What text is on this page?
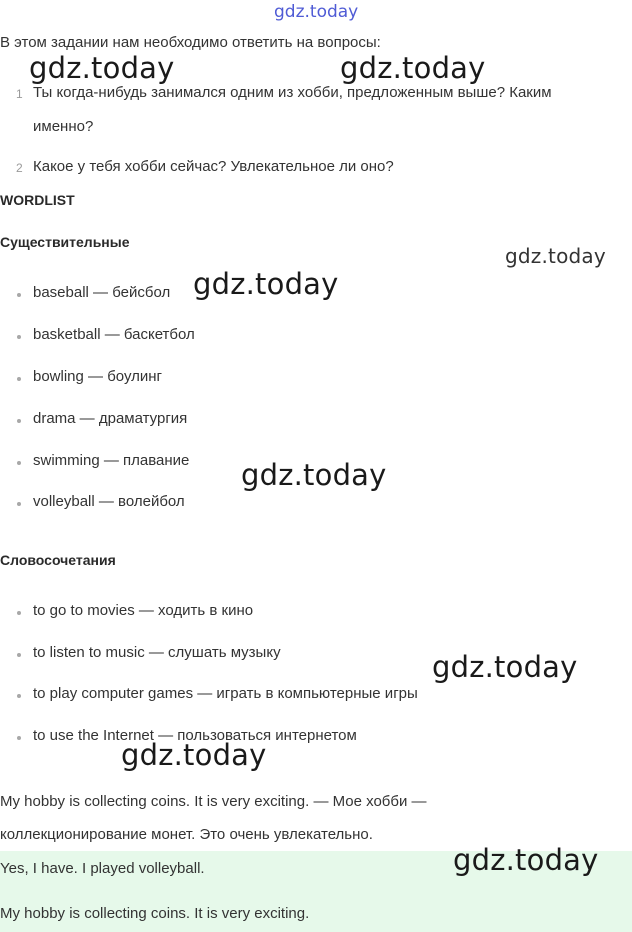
gdz.today
В этом задании нам необходимо ответить на вопросы:
1 Ты когда-нибудь занимался одним из хобби, предложенным выше? Каким
именно?
2 Какое у тебя хобби сейчас? Увлекательное ли оно?
WORDLIST
Существительные
baseball — бейсбол
basketball — баскетбол
bowling — боулинг
drama — драматургия
swimming — плавание
volleyball — волейбол
Словосочетания
to go to movies — ходить в кино
to listen to music — слушать музыку
to play computer games — играть в компьютерные игры
to use the Internet — пользоваться интернетом
My hobby is collecting coins. It is very exciting. — Мое хобби —
коллекционирование монет. Это очень увлекательно.
Yes, I have. I played volleyball.
My hobby is collecting coins. It is very exciting.
gdz.today	gdz.today
gdz.today
gdz.today
gdz.today
gdz.today
gdz.today
gdz.today
